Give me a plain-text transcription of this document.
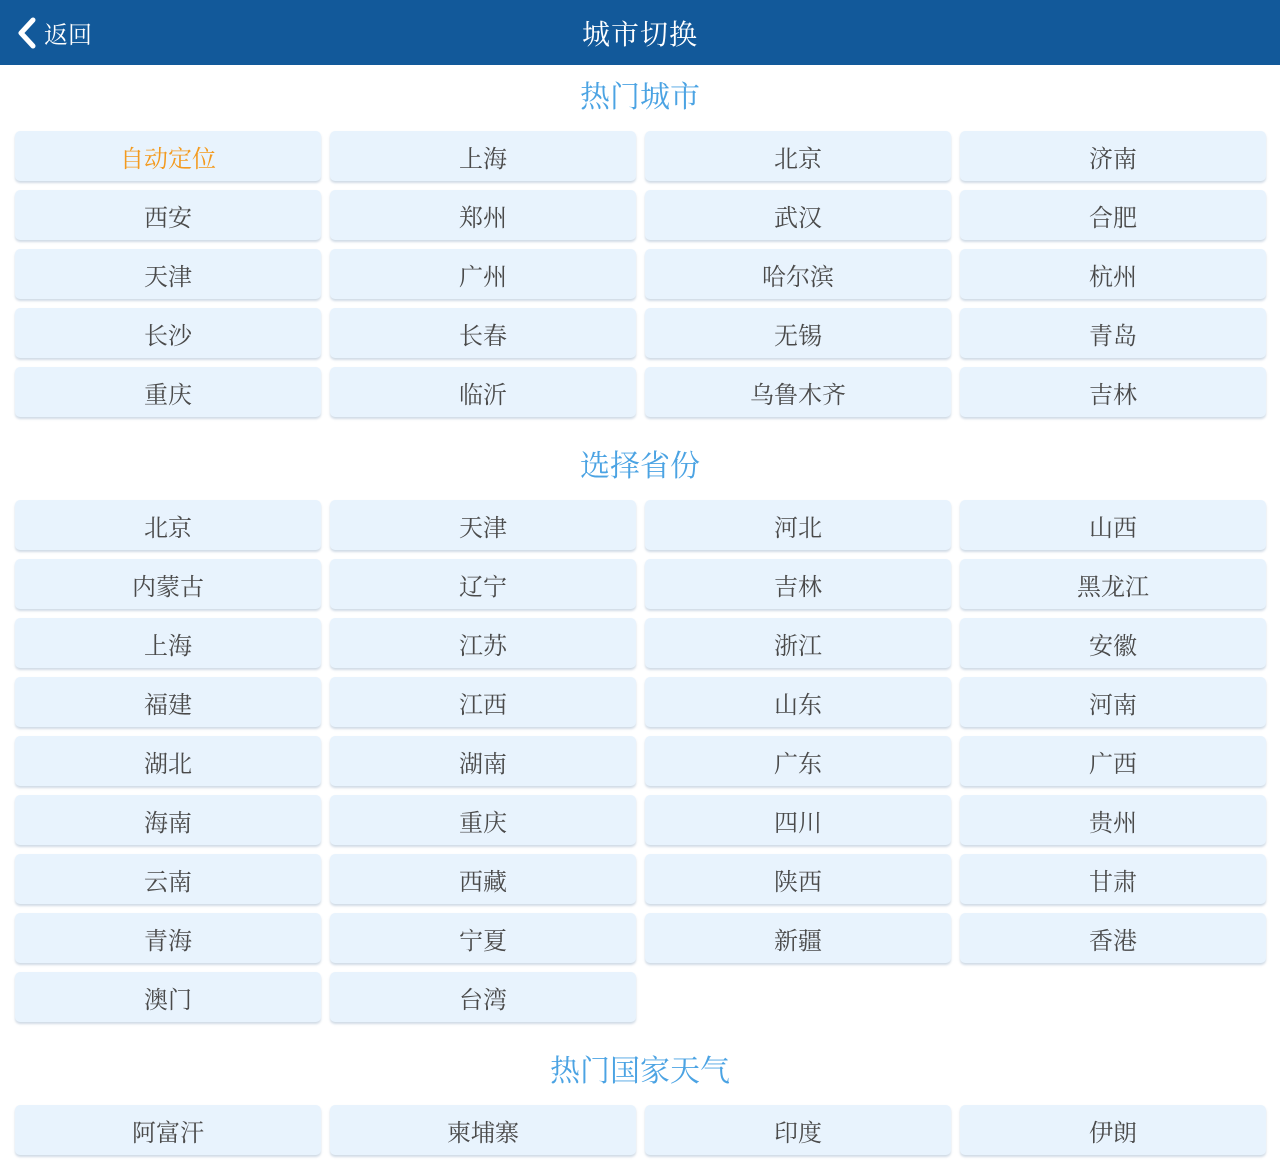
返回	城市切换
热门城市
自动定位	上海	北京	济南
西安	郑州	武汉	合肥
天津	广州	哈尔滨	杭州
长沙	长春	无锡	青岛
重庆	临沂	乌鲁木齐	吉林
选择省份
北京	天津	河北	山西
内蒙古	辽宁	吉林	黑龙江
上海	江苏	浙江	安徽
福建	江西	山东	河南
湖北	湖南	广东	广西
海南	重庆	四川	贵州
云南	西藏	陕西	甘肃
青海	宁夏	新疆	香港
澳门	台湾
热门国家天气
阿富汗	柬埔寨	印度	伊朗
